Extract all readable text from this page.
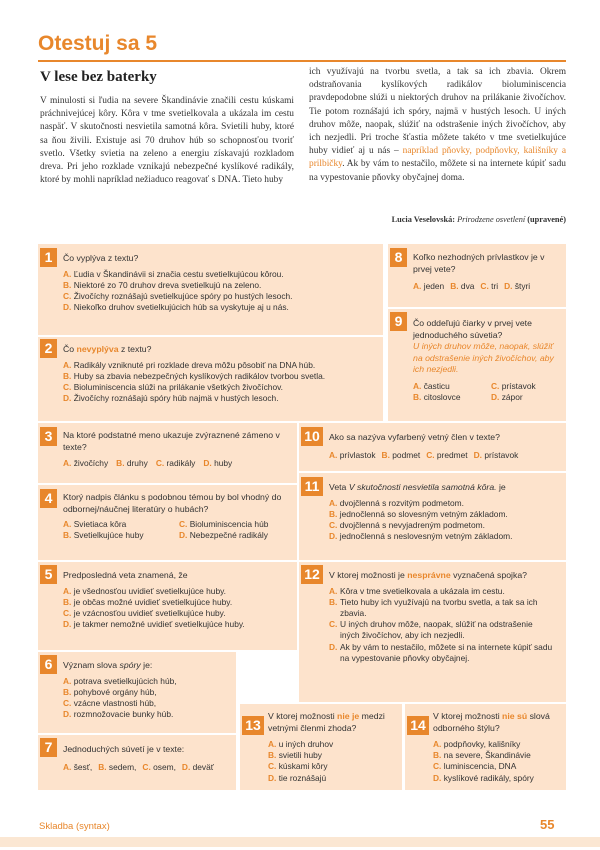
Otestuj sa 5
V lese bez baterky
V minulosti si ľudia na severe Škandinávie značili cestu kúskami práchnivejúcej kôry. Kôra v tme svetielkovala a ukázala im cestu naspäť. V skutočnosti nesvietila samotná kôra. Svietili huby, ktoré sa ňou živili. Existuje asi 70 druhov húb so schopnosťou tvoriť svetlo. Všetky svietia na zeleno a energiu získavajú rozkladom dreva. Pri jeho rozklade vznikajú nebezpečné kyslíkové radikály, ktoré by mohli napríklad nežiaduco reagovať s DNA. Tieto huby
ich využívajú na tvorbu svetla, a tak sa ich zbavia. Okrem odstraňovania kyslíkových radikálov bioluminiscencia pravdepodobne slúži u niektorých druhov na prilákanie živočíchov. Tie potom roznášajú ich spóry, najmä v hustých lesoch. U iných druhov môže, naopak, slúžiť na odstrašenie iných živočíchov, aby ich nezjedli. Pri troche šťastia môžete takéto v tme svetielkujúce huby vidieť aj u nás – napríklad pňovky, podpňovky, kališníky a prilbičky. Ak by vám to nestačilo, môžete si na internete kúpiť sadu na vypestovanie pňovky obyčajnej doma.
Lucia Veselovská: Prirodzene osvetlení (upravené)
1
2
3
4
5
6
7
8
9
10
11
12
13	14
Čo vyplýva z textu?
A. Ľudia v Škandinávii si značia cestu svetielkujúcou kôrou.
B. Niektoré zo 70 druhov dreva svetielkujú na zeleno.
C. Živočíchy roznášajú svetielkujúce spóry po hustých lesoch.
D. Niekoľko druhov svetielkujúcich húb sa vyskytuje aj u nás.
Čo nevyplýva z textu?
A. Radikály vzniknuté pri rozklade dreva môžu pôsobiť na DNA húb.
B. Huby sa zbavia nebezpečných kyslíkových radikálov tvorbou svetla.
C. Bioluminiscencia slúži na prilákanie všetkých živočíchov.
D. Živočíchy roznášajú spóry húb najmä v hustých lesoch.
Na ktoré podstatné meno ukazuje zvýraznené zámeno v texte?
A. živočíchy B. druhy C. radikály D. huby
Ktorý nadpis článku s podobnou témou by bol vhodný do odbornej/náučnej literatúry o hubách?
A. Svietiaca kôra	C. Bioluminiscencia húb
B. Svetielkujúce huby	D. Nebezpečné radikály
Predposledná veta znamená, že
A. je všednosťou uvidieť svetielkujúce huby.
B. je občas možné uvidieť svetielkujúce huby.
C. je vzácnosťou uvidieť svetielkujúce huby.
D. je takmer nemožné uvidieť svetielkujúce huby.
Význam slova spóry je:
A. potrava svetielkujúcich húb,
B. pohybové orgány húb,
C. vzácne vlastnosti húb,
D. rozmnožovacie bunky húb.
Jednoduchých súvetí je v texte:
A. šesť, B. sedem, C. osem, D. deväť
Koľko nezhodných prívlastkov je v prvej vete?
A. jeden B. dva C. tri D. štyri
Čo oddeľujú čiarky v prvej vete jednoduchého súvetia?
U iných druhov môže, naopak, slúžiť na odstrašenie iných živočíchov, aby ich nezjedli.
A. časticu	C. prístavok
B. citoslovce	D. zápor
Ako sa nazýva vyfarbený vetný člen v texte?
A. prívlastok B. podmet C. predmet D. prístavok
Veta V skutočnosti nesvietila samotná kôra. je
A. dvojčlenná s rozvitým podmetom.
B. jednočlenná so slovesným vetným základom.
C. dvojčlenná s nevyjadreným podmetom.
D. jednočlenná s neslovesným vetným základom.
V ktorej možnosti je nesprávne vyznačená spojka?
A. Kôra v tme svetielkovala a ukázala im cestu.
B. Tieto huby ich využívajú na tvorbu svetla, a tak sa ich zbavia.
C. U iných druhov môže, naopak, slúžiť na odstrašenie iných živočíchov, aby ich nezjedli.
D. Ak by vám to nestačilo, môžete si na internete kúpiť sadu na vypestovanie pňovky obyčajnej.
V ktorej možnosti nie je medzi vetnými členmi zhoda?
A. u iných druhov
B. svietili huby
C. kúskami kôry
D. tie roznášajú
V ktorej možnosti nie sú slová odborného štýlu?
A. podpňovky, kališníky
B. na severe, Škandinávie
C. luminiscencia, DNA
D. kyslíkové radikály, spóry
Skladba (syntax)	55
